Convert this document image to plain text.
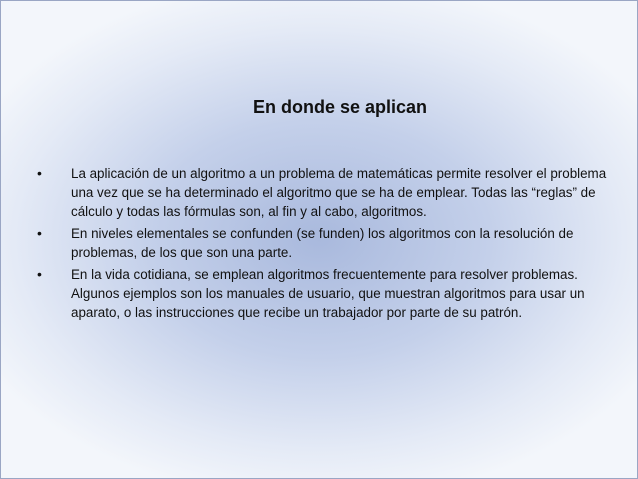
En donde se aplican
• La aplicación de un algoritmo a un problema de matemáticas permite resolver el problema una vez que se ha determinado el algoritmo que se ha de emplear. Todas las “reglas” de cálculo y todas las fórmulas son, al fin y al cabo, algoritmos.
• En niveles elementales se confunden (se funden) los algoritmos con la resolución de problemas, de los que son una parte.
• En la vida cotidiana, se emplean algoritmos frecuentemente para resolver problemas. Algunos ejemplos son los manuales de usuario, que muestran algoritmos para usar un aparato, o las instrucciones que recibe un trabajador por parte de su patrón.
